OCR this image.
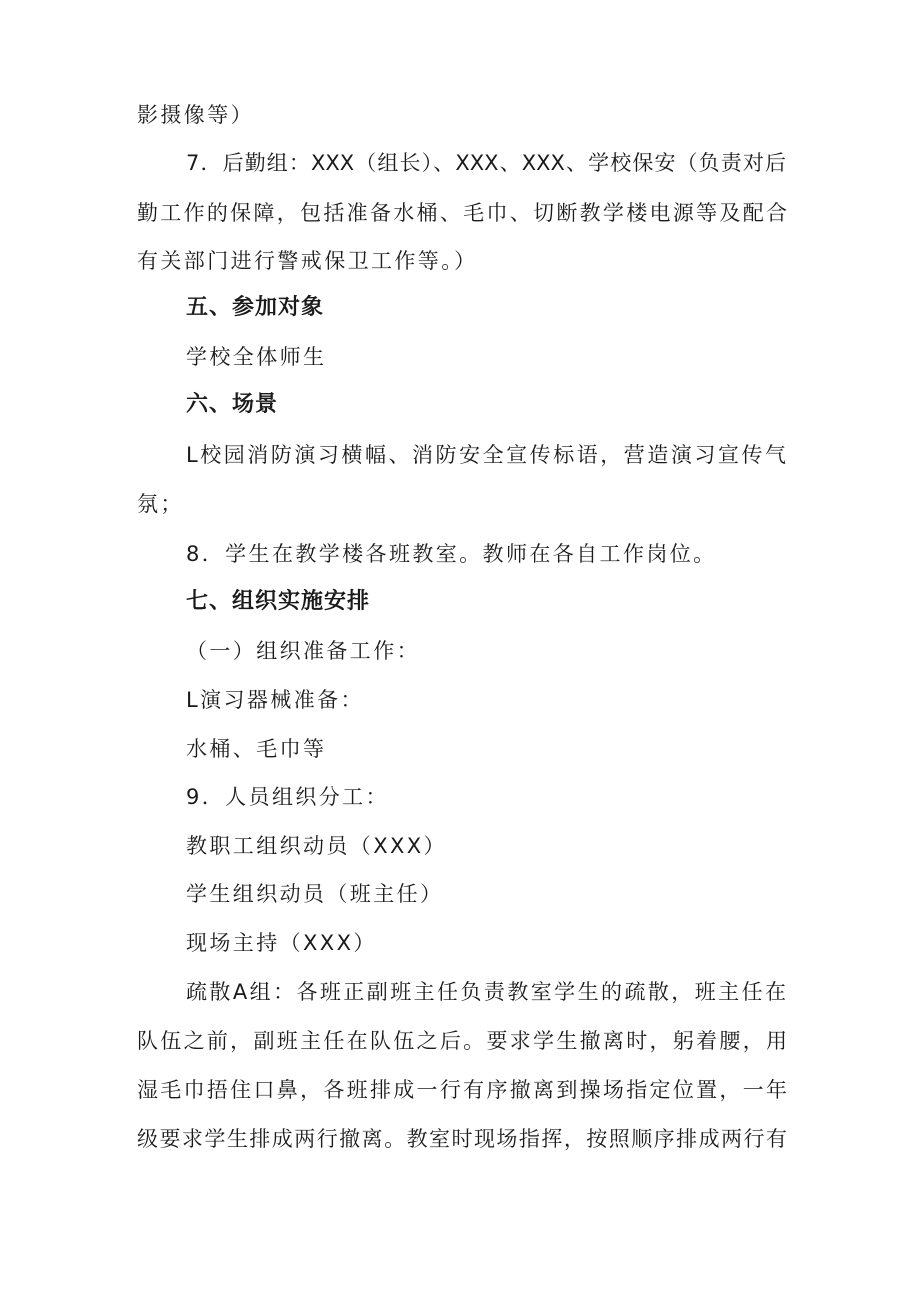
影摄像等）
7．后勤组：XXX（组长）、XXX、XXX、学校保安（负责对后
勤工作的保障，包括准备水桶、毛巾、切断教学楼电源等及配合
有关部门进行警戒保卫工作等。）
五、参加对象
学校全体师生
六、场景
L校园消防演习横幅、消防安全宣传标语，营造演习宣传气
氛；
8．学生在教学楼各班教室。教师在各自工作岗位。
七、组织实施安排
（一）组织准备工作：
L演习器械准备：
水桶、毛巾等
9．人员组织分工：
教职工组织动员（XXX）
学生组织动员（班主任）
现场主持（XXX）
疏散A组：各班正副班主任负责教室学生的疏散，班主任在
队伍之前，副班主任在队伍之后。要求学生撤离时，躬着腰，用
湿毛巾捂住口鼻，各班排成一行有序撤离到操场指定位置，一年
级要求学生排成两行撤离。教室时现场指挥，按照顺序排成两行有
